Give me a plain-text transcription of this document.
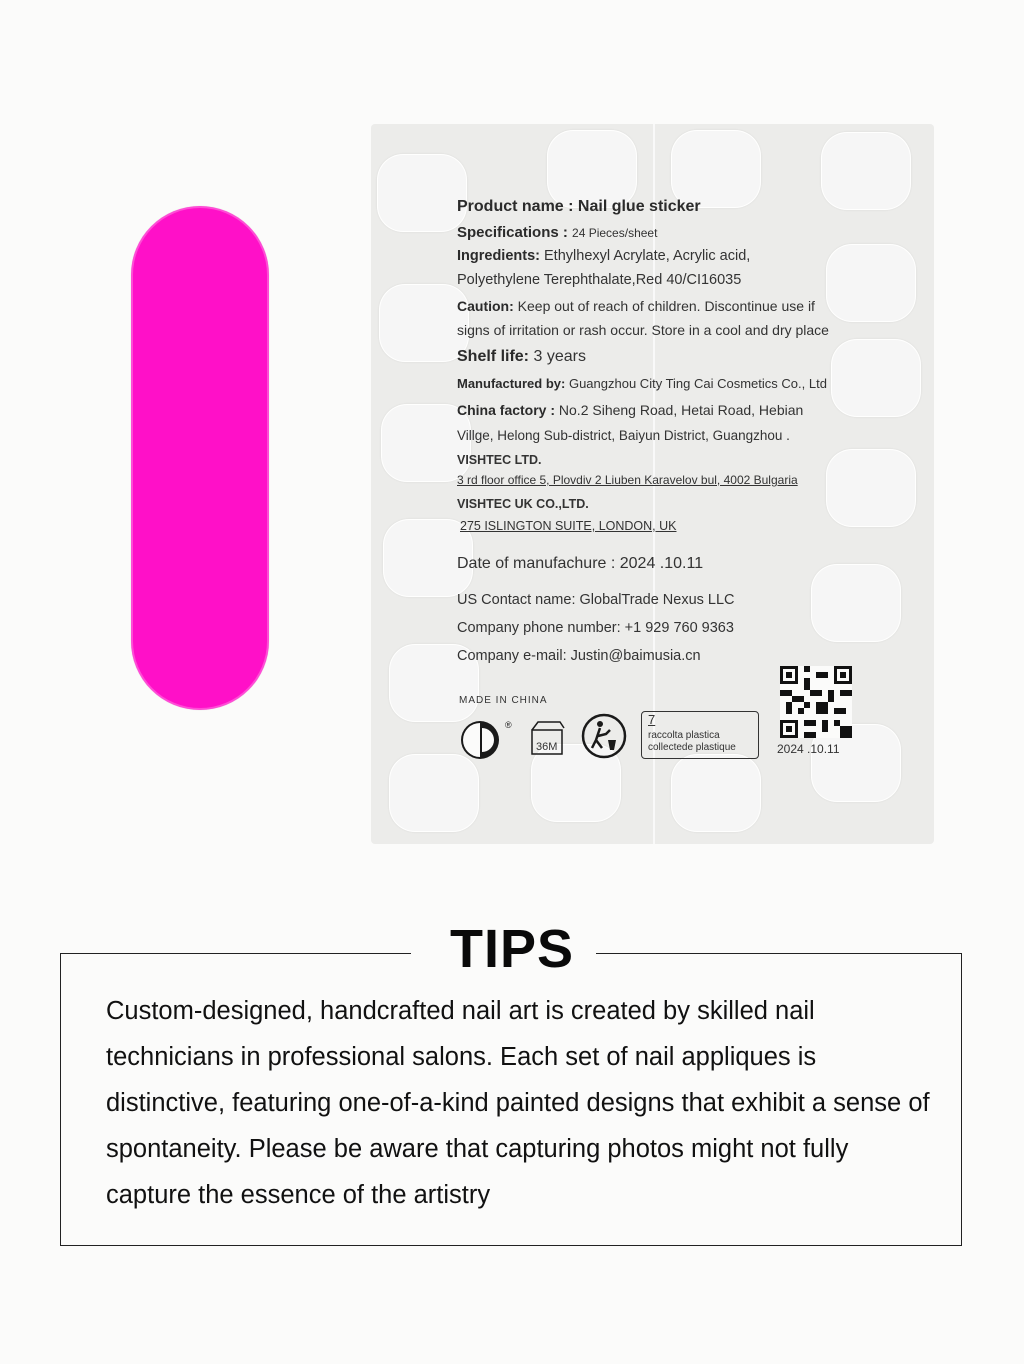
Product name : Nail glue sticker
Specifications : 24 Pieces/sheet
Ingredients: Ethylhexyl Acrylate, Acrylic acid,
Polyethylene Terephthalate,Red 40/CI16035
Caution: Keep out of reach of children. Discontinue use if
signs of irritation or rash occur. Store in a cool and dry place
Shelf life: 3 years
Manufactured by: Guangzhou City Ting Cai Cosmetics Co., Ltd
China factory : No.2 Siheng Road, Hetai Road, Hebian
Villge, Helong Sub-district, Baiyun District, Guangzhou .
VISHTEC LTD.
3 rd floor office 5, Plovdiv 2 Liuben Karavelov bul, 4002 Bulgaria
VISHTEC UK CO.,LTD.
275 ISLINGTON SUITE, LONDON, UK
Date of manufachure : 2024 .10.11
US Contact name: GlobalTrade Nexus LLC
Company phone number: +1 929 760 9363
Company e-mail: Justin@baimusia.cn
MADE IN CHINA
®
36M
7
raccolta plastica
collectede plastique	2024 .10.11
TIPS
Custom-designed, handcrafted nail art is created by skilled nail technicians in professional salons. Each set of nail appliques is distinctive, featuring one-of-a-kind painted designs that exhibit a sense of spontaneity. Please be aware that capturing photos might not fully capture the essence of the artistry
